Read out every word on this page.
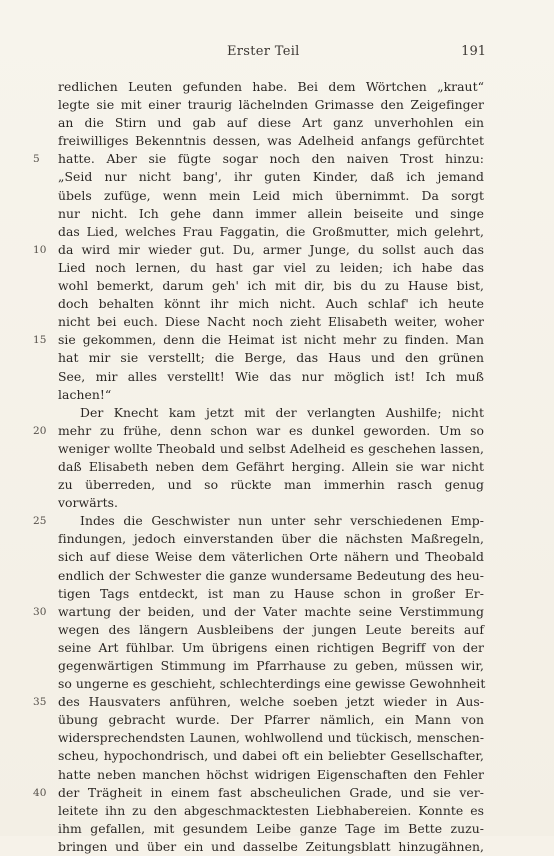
Erster Teil	191
redlichen Leuten gefunden habe. Bei dem Wörtchen „kraut“
legte sie mit einer traurig lächelnden Grimasse den Zeigefinger
an die Stirn und gab auf diese Art ganz unverhohlen ein
freiwilliges Bekenntnis dessen, was Adelheid anfangs gefürchtet
5	hatte. Aber sie fügte sogar noch den naiven Trost hinzu:
„Seid nur nicht bang', ihr guten Kinder, daß ich jemand
übels zufüge, wenn mein Leid mich übernimmt. Da sorgt
nur nicht. Ich gehe dann immer allein beiseite und singe
das Lied, welches Frau Faggatin, die Großmutter, mich gelehrt,
10 da wird mir wieder gut. Du, armer Junge, du sollst auch das
Lied noch lernen, du hast gar viel zu leiden; ich habe das
wohl bemerkt, darum geh' ich mit dir, bis du zu Hause bist,
doch behalten könnt ihr mich nicht. Auch schlaf' ich heute
nicht bei euch. Diese Nacht noch zieht Elisabeth weiter, woher
15 sie gekommen, denn die Heimat ist nicht mehr zu finden. Man
hat mir sie verstellt; die Berge, das Haus und den grünen
See, mir alles verstellt! Wie das nur möglich ist! Ich muß
lachen!“
Der Knecht kam jetzt mit der verlangten Aushilfe; nicht
20 mehr zu frühe, denn schon war es dunkel geworden. Um so
weniger wollte Theobald und selbst Adelheid es geschehen lassen,
daß Elisabeth neben dem Gefährt herging. Allein sie war nicht
zu überreden, und so rückte man immerhin rasch genug
vorwärts.
25	Indes die Geschwister nun unter sehr verschiedenen Emp-
findungen, jedoch einverstanden über die nächsten Maßregeln,
sich auf diese Weise dem väterlichen Orte nähern und Theobald
endlich der Schwester die ganze wundersame Bedeutung des heu-
tigen Tags entdeckt, ist man zu Hause schon in großer Er-
30 wartung der beiden, und der Vater machte seine Verstimmung
wegen des längern Ausbleibens der jungen Leute bereits auf
seine Art fühlbar. Um übrigens einen richtigen Begriff von der
gegenwärtigen Stimmung im Pfarrhause zu geben, müssen wir,
so ungerne es geschieht, schlechterdings eine gewisse Gewohnheit
35 des Hausvaters anführen, welche soeben jetzt wieder in Aus-
übung gebracht wurde. Der Pfarrer nämlich, ein Mann von
widersprechendsten Launen, wohlwollend und tückisch, menschen-
scheu, hypochondrisch, und dabei oft ein beliebter Gesellschafter,
hatte neben manchen höchst widrigen Eigenschaften den Fehler
40 der Trägheit in einem fast abscheulichen Grade, und sie ver-
leitete ihn zu den abgeschmacktesten Liebhabereien. Konnte es
ihm gefallen, mit gesundem Leibe ganze Tage im Bette zuzu-
bringen und über ein und dasselbe Zeitungsblatt hinzugähnen,
